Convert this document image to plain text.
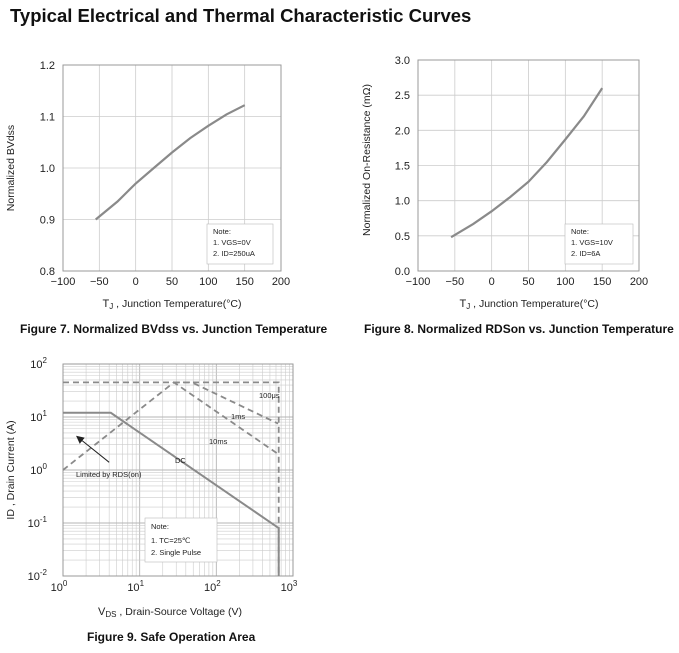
Typical Electrical and Thermal Characteristic Curves
−100 −50 0 50 100 150 200
0.8
0.9
1.0
1.1
1.2
Note:
1. VGS=0V
2. ID=250uA
Normalized BVdss
TJ , Junction Temperature(°C)
−100 −50 0	50 100 150 200
0.0
0.5
1.0
1.5
2.0
2.5
3.0
Note:
1. VGS=10V
2. ID=6A
Normalized On-Resistance (mΩ)
TJ , Junction Temperature(°C)
$10^0$	$10^1$	$10^2$	$10^3$
$10^{-2}$
$10^{-1}$
$10^0$
$10^1$
$10^2$
100μs
1ms
10ms
DC
Limited by RDS(on)
Note:
1. TC=25℃
2. Single Pulse
ID , Drain Current (A)
VDS , Drain-Source Voltage (V)
Figure 7. Normalized BVdss vs. Junction Temperature	Figure 8. Normalized RDSon vs. Junction Temperature
Figure 9. Safe Operation Area
